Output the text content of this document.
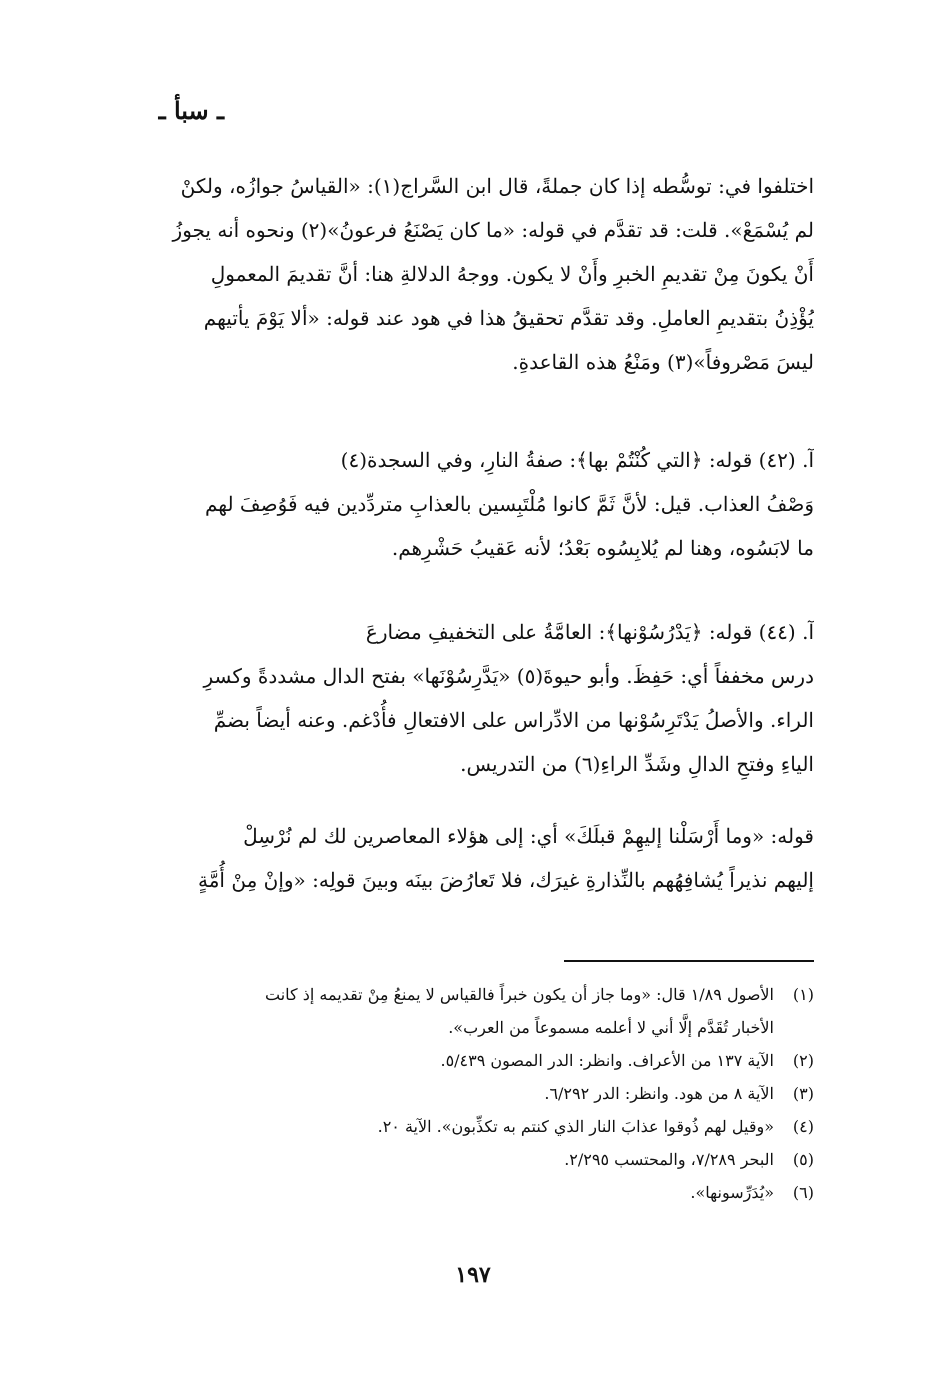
ـ سبأ ـ
اختلفوا في: توسُّطه إذا كان جملةً، قال ابن السَّراج(١): «القياسُ جوازُه، ولكنْ
لم يُسْمَعْ». قلت: قد تقدَّم في قوله: «ما كان يَصْنَعُ فرعونُ»(٢) ونحوه أنه يجوزُ
أَنْ يكونَ مِنْ تقديمِ الخبرِ وأَنْ لا يكون. ووجهُ الدلالةِ هنا: أنَّ تقديمَ المعمولِ
يُؤْذِنُ بتقديمِ العاملِ. وقد تقدَّم تحقيقُ هذا في هود عند قوله: «ألا يَوْمَ يأتيهم
ليسَ مَصْروفاً»(٣) ومَنْعُ هذه القاعدةِ.
آ. (٤٢) قوله: ﴿التي كُنْتُمْ بها﴾: صفةُ النارِ، وفي السجدة(٤)
وَصْفُ العذاب. قيل: لأنَّ ثَمَّ كانوا مُلْتَبِسين بالعذابِ متردِّدين فيه فَوُصِفَ لهم
ما لابَسُوه، وهنا لم يُلابِسُوه بَعْدُ؛ لأنه عَقيبُ حَشْرِهم.
آ. (٤٤) قوله: ﴿يَدْرُسُوْنها﴾: العامَّةُ على التخفيفِ مضارعَ
درس مخففاً أي: حَفِظَ. وأبو حيوةَ(٥) «يَدَّرِسُوْنَها» بفتح الدال مشددةً وكسرِ
الراء. والأصلُ يَدْتَرِسُوْنها من الادِّراس على الافتعالِ فأُدْغم. وعنه أيضاً بضمِّ
الياءِ وفتحِ الدالِ وشَدِّ الراءِ(٦) من التدريس.
قوله: «وما أَرْسَلْنا إليهِمْ قبلَكَ» أي: إلى هؤلاء المعاصرين لك لم نُرْسِلْ
إليهم نذيراً يُشافِهُهم بالنِّذارةِ غيرَك، فلا تَعارُضَ بينَه وبينَ قولِه: «وإنْ مِنْ أُمَّةٍ
(١)
الأصول ١/٨٩ قال: «وما جاز أن يكون خبراً فالقياس لا يمنعُ مِنْ تقديمه إذ كانت
الأخبار تُقَدَّم إلَّا أني لا أعلمه مسموعاً من العرب».
(٢)
الآية ١٣٧ من الأعراف. وانظر: الدر المصون ٥/٤٣٩.
(٣)
الآية ٨ من هود. وانظر: الدر ٦/٢٩٢.
(٤)
«وقيل لهم ذُوقوا عذابَ النار الذي كنتم به تكذِّبون». الآية ٢٠.
(٥)
البحر ٧/٢٨٩، والمحتسب ٢/٢٩٥.
(٦)
«يُدَرِّسونها».
١٩٧
